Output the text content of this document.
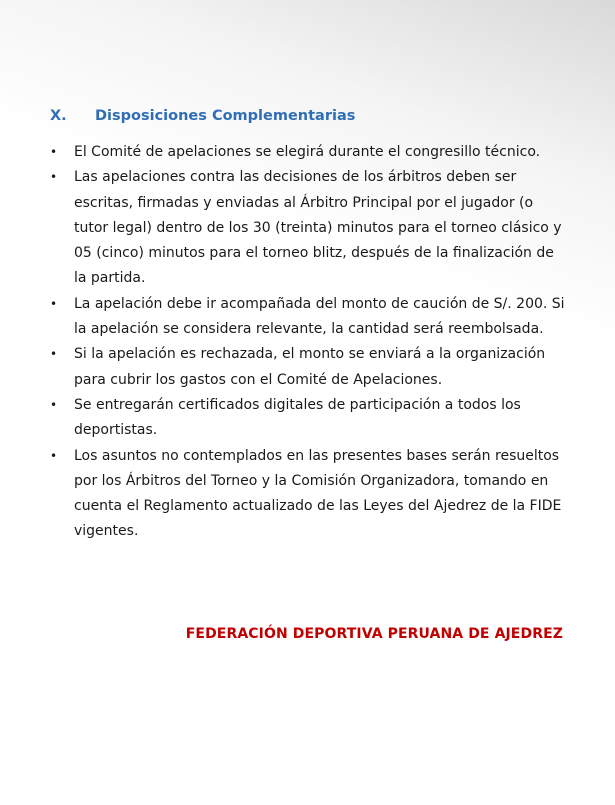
X.	Disposiciones Complementarias
•	El Comité de apelaciones se elegirá durante el congresillo técnico.
•	Las apelaciones contra las decisiones de los árbitros deben ser escritas, firmadas y enviadas al Árbitro Principal por el jugador (o tutor legal) dentro de los 30 (treinta) minutos para el torneo clásico y 05 (cinco) minutos para el torneo blitz, después de la finalización de la partida.
•	La apelación debe ir acompañada del monto de caución de S/. 200. Si la apelación se considera relevante, la cantidad será reembolsada.
•	Si la apelación es rechazada, el monto se enviará a la organización para cubrir los gastos con el Comité de Apelaciones.
•	Se entregarán certificados digitales de participación a todos los deportistas.
•	Los asuntos no contemplados en las presentes bases serán resueltos por los Árbitros del Torneo y la Comisión Organizadora, tomando en cuenta el Reglamento actualizado de las Leyes del Ajedrez de la FIDE vigentes.
FEDERACIÓN DEPORTIVA PERUANA DE AJEDREZ
